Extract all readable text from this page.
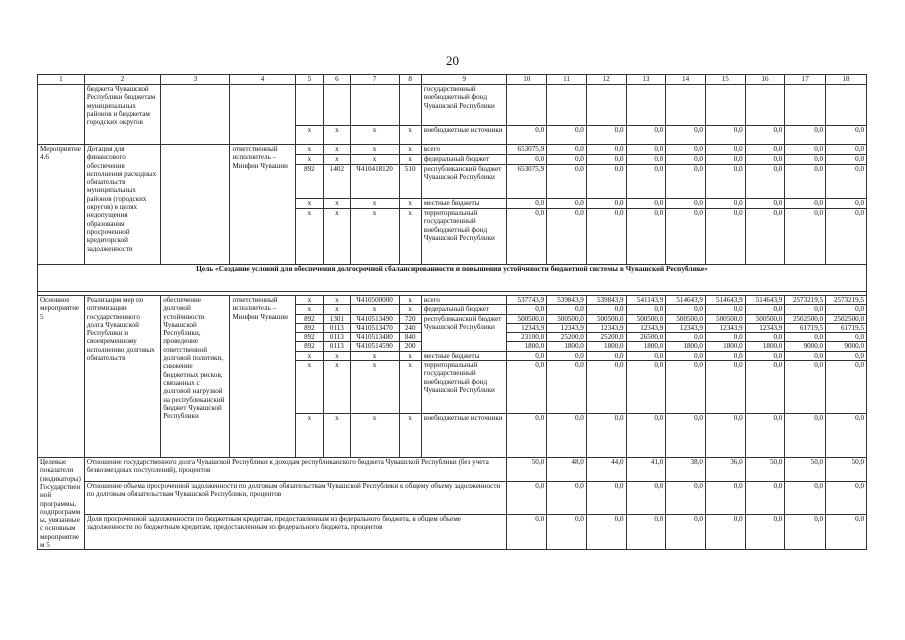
20
1	2	3	4	5	6	7	8	9	10	11	12	13	14	15	16	17	18
	бюджета Чувашской Республики бюджетам муниципальных районов и бюджетам городских округов							государственный внебюджетный фонд Чувашской Республики									
				x	x	x	x	внебюджетные источники	0,0	0,0	0,0	0,0	0,0	0,0	0,0	0,0	0,0
Мероприятие 4.6	Дотация для финансового обеспечения исполнения расходных обязательств муниципальных районов (городских округов) в целях недопущения образования просроченной кредиторской задолженности		ответственный исполнитель – Минфин Чувашии	x	x	x	x	всего	653075,9	0,0	0,0	0,0	0,0	0,0	0,0	0,0	0,0
				x	x	x	x	федеральный бюджет	0,0	0,0	0,0	0,0	0,0	0,0	0,0	0,0	0,0
				892	1402	Ч410418120	510	республиканский бюджет Чувашской Республики	653075,9	0,0	0,0	0,0	0,0	0,0	0,0	0,0	0,0
				x	x	x	x	местные бюджеты	0,0	0,0	0,0	0,0	0,0	0,0	0,0	0,0	0,0
				x	x	x	x	территориальный государственный внебюджетный фонд Чувашской Республики	0,0	0,0	0,0	0,0	0,0	0,0	0,0	0,0	0,0
Цель «Создание условий для обеспечения долгосрочной сбалансированности и повышения устойчивости бюджетной системы в Чувашской Республике»																	

Основное мероприятие 5	Реализация мер по оптимизации государственного долга Чувашской Республики и своевременному исполнению долговых обязательств	обеспечение долговой устойчивости Чувашской Республики, проведение ответственной долговой политики, снижение бюджетных рисков, связанных с долговой нагрузкой на республиканский бюджет Чувашской Республики	ответственный исполнитель – Минфин Чувашии	x	x	Ч410500000	x	всего	537743,9	539843,9	539843,9	541143,9	514643,9	514643,9	514643,9	2573219,5	2573219,5
				x	x	x	x	федеральный бюджет	0,0	0,0	0,0	0,0	0,0	0,0	0,0	0,0	0,0
				892	1301	Ч410513490	720	республиканский бюджет Чувашской Республики	500500,0	500500,0	500500,0	500500,0	500500,0	500500,0	500500,0	2502500,0	2502500,0
				892	0113	Ч410513470	240		12343,9	12343,9	12343,9	12343,9	12343,9	12343,9	12343,9	61719,5	61719,5
				892	0113	Ч410513480	840		23100,0	25200,0	25200,0	26500,0	0,0	0,0	0,0	0,0	0,0
				892	0113	Ч410514590	200		1800,0	1800,0	1800,0	1800,0	1800,0	1800,0	1800,0	9000,0	9000,0
				x	x	x	x	местные бюджеты	0,0	0,0	0,0	0,0	0,0	0,0	0,0	0,0	0,0
				x	x	x	x	территориальный государственный внебюджетный фонд Чувашской Республики	0,0	0,0	0,0	0,0	0,0	0,0	0,0	0,0	0,0
				x	x	x	x	внебюджетные источники	0,0	0,0	0,0	0,0	0,0	0,0	0,0	0,0	0,0
Целевые показатели (индикаторы) Государственной программы, подпрограммы, увязанные с основным мероприятием 5	Отношение государственного долга Чувашской Республики к доходам республиканского бюджета Чувашской Республики (без учета безвозмездных поступлений), процентов								50,0	48,0	44,0	41,0	38,0	36,0	50,0	50,0	50,0
	Отношение объема просроченной задолженности по долговым обязательствам Чувашской Республики к общему объему задолженности по долговым обязательствам Чувашской Республики, процентов								0,0	0,0	0,0	0,0	0,0	0,0	0,0	0,0	0,0
	Доля просроченной задолженности по бюджетным кредитам, предоставленным из федерального бюджета, в общем объеме задолженности по бюджетным кредитам, предоставленным из федерального бюджета, процентов								0,0	0,0	0,0	0,0	0,0	0,0	0,0	0,0	0,0
